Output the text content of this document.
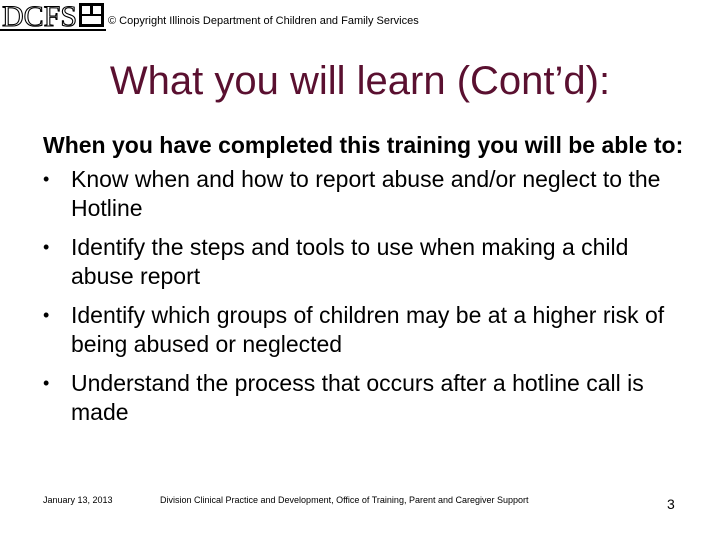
DCFS	© Copyright Illinois Department of Children and Family Services
What you will learn (Cont’d):

When you have completed this training you will be able to:

• Know when and how to report abuse and/or neglect to the Hotline
• Identify the steps and tools to use when making a child abuse report
• Identify which groups of children may be at a higher risk of being abused or neglected
• Understand the process that occurs after a hotline call is made
January 13, 2013	Division Clinical Practice and Development, Office of Training, Parent and Caregiver Support	3
